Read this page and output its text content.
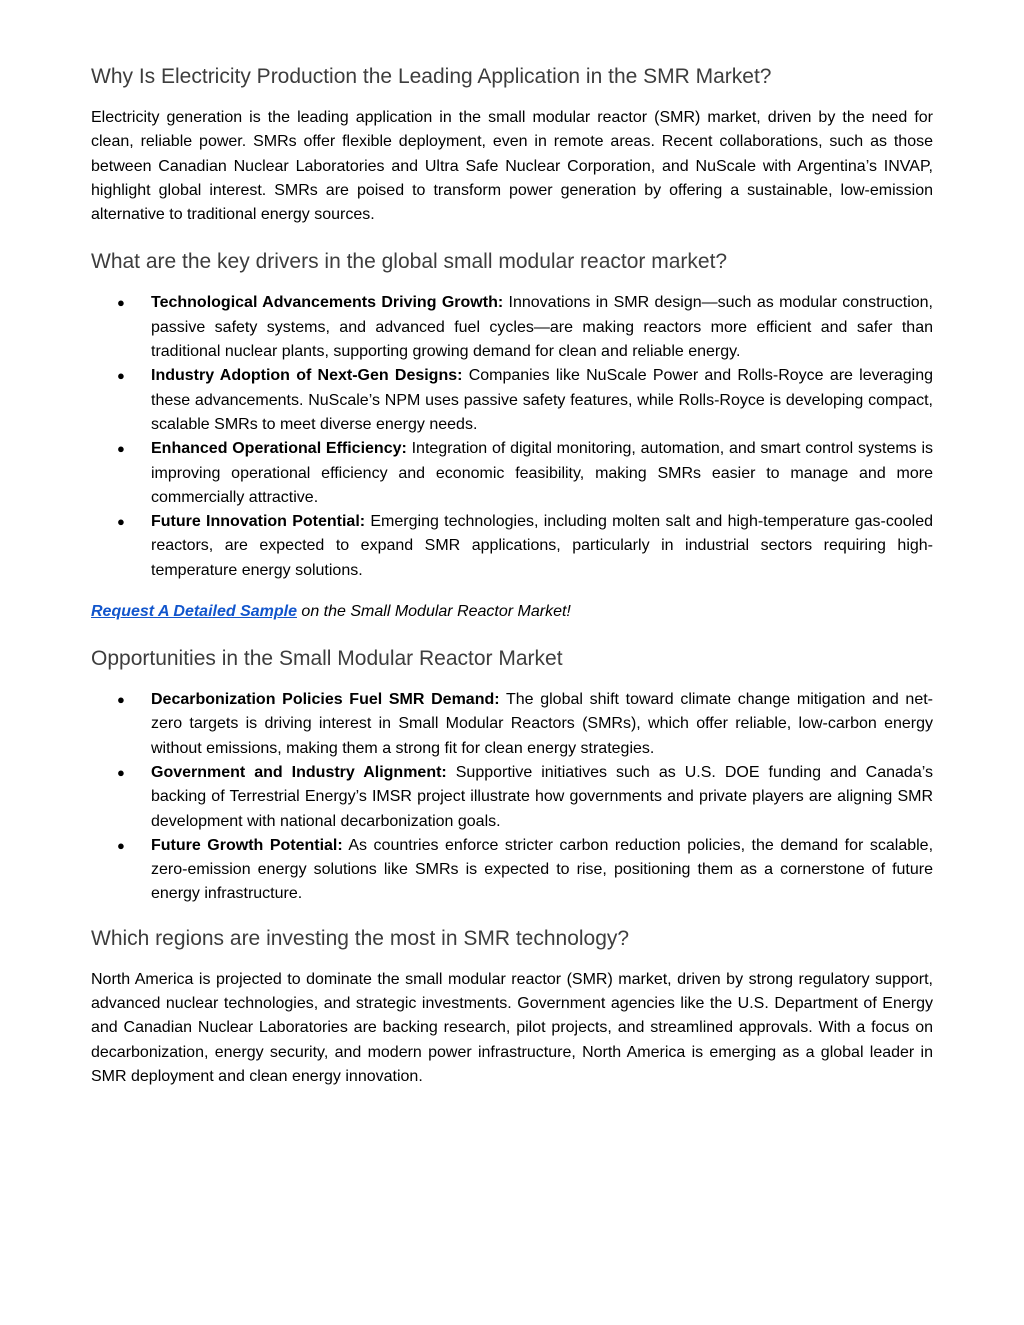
Why Is Electricity Production the Leading Application in the SMR Market?

Electricity generation is the leading application in the small modular reactor (SMR) market, driven by the need for clean, reliable power. SMRs offer flexible deployment, even in remote areas. Recent collaborations, such as those between Canadian Nuclear Laboratories and Ultra Safe Nuclear Corporation, and NuScale with Argentina’s INVAP, highlight global interest. SMRs are poised to transform power generation by offering a sustainable, low-emission alternative to traditional energy sources.

What are the key drivers in the global small modular reactor market?
● Technological Advancements Driving Growth: Innovations in SMR design—such as modular construction, passive safety systems, and advanced fuel cycles—are making reactors more efficient and safer than traditional nuclear plants, supporting growing demand for clean and reliable energy.
● Industry Adoption of Next-Gen Designs: Companies like NuScale Power and Rolls-Royce are leveraging these advancements. NuScale’s NPM uses passive safety features, while Rolls-Royce is developing compact, scalable SMRs to meet diverse energy needs.
● Enhanced Operational Efficiency: Integration of digital monitoring, automation, and smart control systems is improving operational efficiency and economic feasibility, making SMRs easier to manage and more commercially attractive.
● Future Innovation Potential: Emerging technologies, including molten salt and high-temperature gas-cooled reactors, are expected to expand SMR applications, particularly in industrial sectors requiring high-temperature energy solutions.

Request A Detailed Sample on the Small Modular Reactor Market!

Opportunities in the Small Modular Reactor Market
● Decarbonization Policies Fuel SMR Demand: The global shift toward climate change mitigation and net-zero targets is driving interest in Small Modular Reactors (SMRs), which offer reliable, low-carbon energy without emissions, making them a strong fit for clean energy strategies.
● Government and Industry Alignment: Supportive initiatives such as U.S. DOE funding and Canada’s backing of Terrestrial Energy’s IMSR project illustrate how governments and private players are aligning SMR development with national decarbonization goals.
● Future Growth Potential: As countries enforce stricter carbon reduction policies, the demand for scalable, zero-emission energy solutions like SMRs is expected to rise, positioning them as a cornerstone of future energy infrastructure.
Which regions are investing the most in SMR technology?

North America is projected to dominate the small modular reactor (SMR) market, driven by strong regulatory support, advanced nuclear technologies, and strategic investments. Government agencies like the U.S. Department of Energy and Canadian Nuclear Laboratories are backing research, pilot projects, and streamlined approvals. With a focus on decarbonization, energy security, and modern power infrastructure, North America is emerging as a global leader in SMR deployment and clean energy innovation.
